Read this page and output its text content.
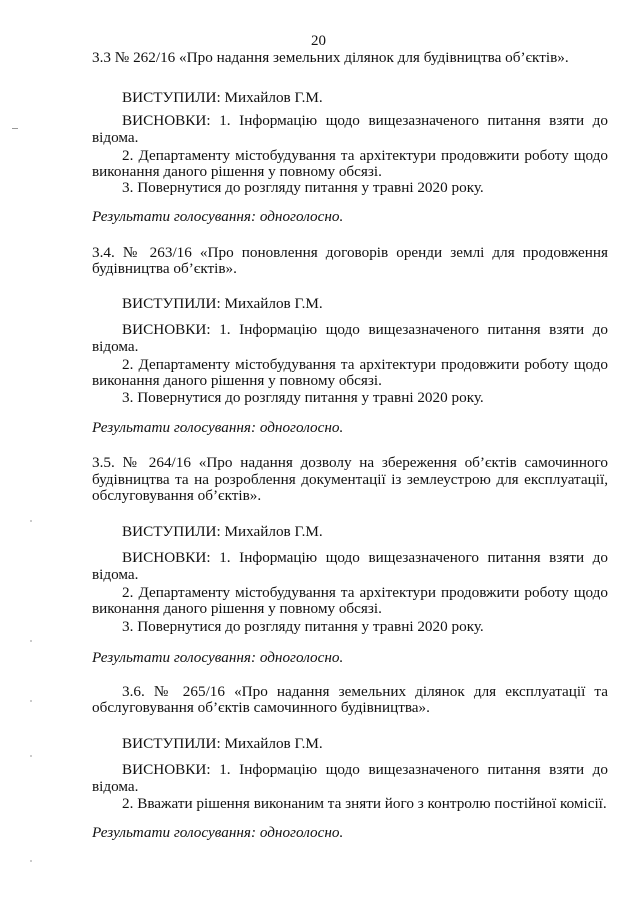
20
3.3 № 262/16 «Про надання земельних ділянок для будівництва об’єктів».
ВИСТУПИЛИ: Михайлов Г.М.
ВИСНОВКИ: 1. Інформацію щодо вищезазначеного питання взяти до
відома.
2. Департаменту містобудування та архітектури продовжити роботу щодо
виконання даного рішення у повному обсязі.
3. Повернутися до розгляду питання у травні 2020 року.
Результати голосування: одноголосно.
3.4. № 263/16 «Про поновлення договорів оренди землі для продовження
будівництва об’єктів».
ВИСТУПИЛИ: Михайлов Г.М.
ВИСНОВКИ: 1. Інформацію щодо вищезазначеного питання взяти до
відома.
2. Департаменту містобудування та архітектури продовжити роботу щодо
виконання даного рішення у повному обсязі.
3. Повернутися до розгляду питання у травні 2020 року.
Результати голосування: одноголосно.
3.5. № 264/16 «Про надання дозволу на збереження об’єктів самочинного
будівництва та на розроблення документації із землеустрою для експлуатації,
обслуговування об’єктів».
ВИСТУПИЛИ: Михайлов Г.М.
ВИСНОВКИ: 1. Інформацію щодо вищезазначеного питання взяти до
відома.
2. Департаменту містобудування та архітектури продовжити роботу щодо
виконання даного рішення у повному обсязі.
3. Повернутися до розгляду питання у травні 2020 року.
Результати голосування: одноголосно.
3.6. № 265/16 «Про надання земельних ділянок для експлуатації та
обслуговування об’єктів самочинного будівництва».
ВИСТУПИЛИ: Михайлов Г.М.
ВИСНОВКИ: 1. Інформацію щодо вищезазначеного питання взяти до
відома.
2. Вважати рішення виконаним та зняти його з контролю постійної комісії.
Результати голосування: одноголосно.
